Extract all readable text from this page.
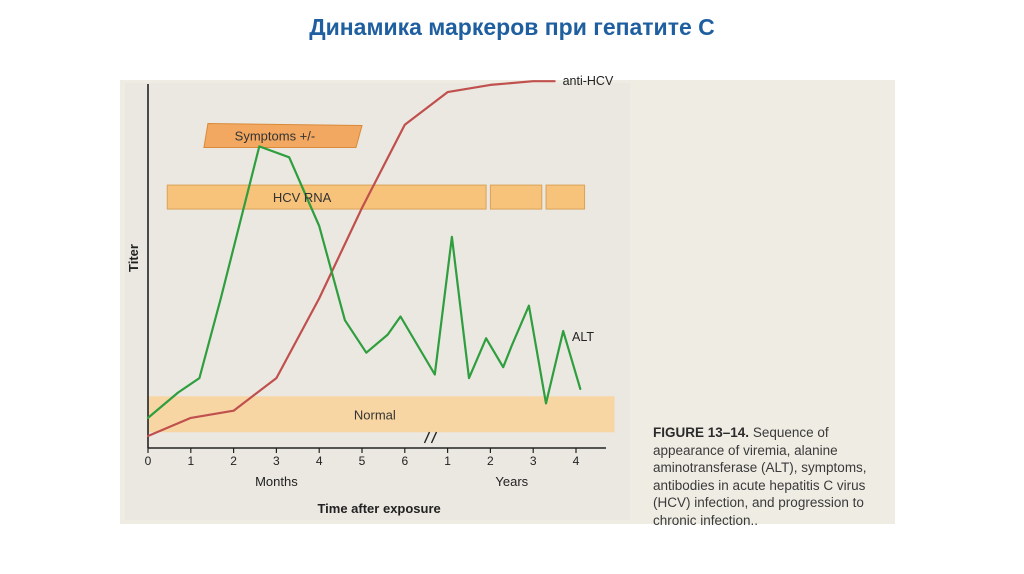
Динамика маркеров при гепатите С
FIGURE 13–14. Sequence of appearance of viremia, alanine aminotransferase (ALT), symptoms, antibodies in acute hepatitis C virus (HCV) infection, and progression to chronic infection..
Symptoms +/-
HCV RNA
Normal
0	1	2	3	4	5	6	1	2	3	4
Months	Years
Time after exposure
Titer
anti-HCV
ALT
